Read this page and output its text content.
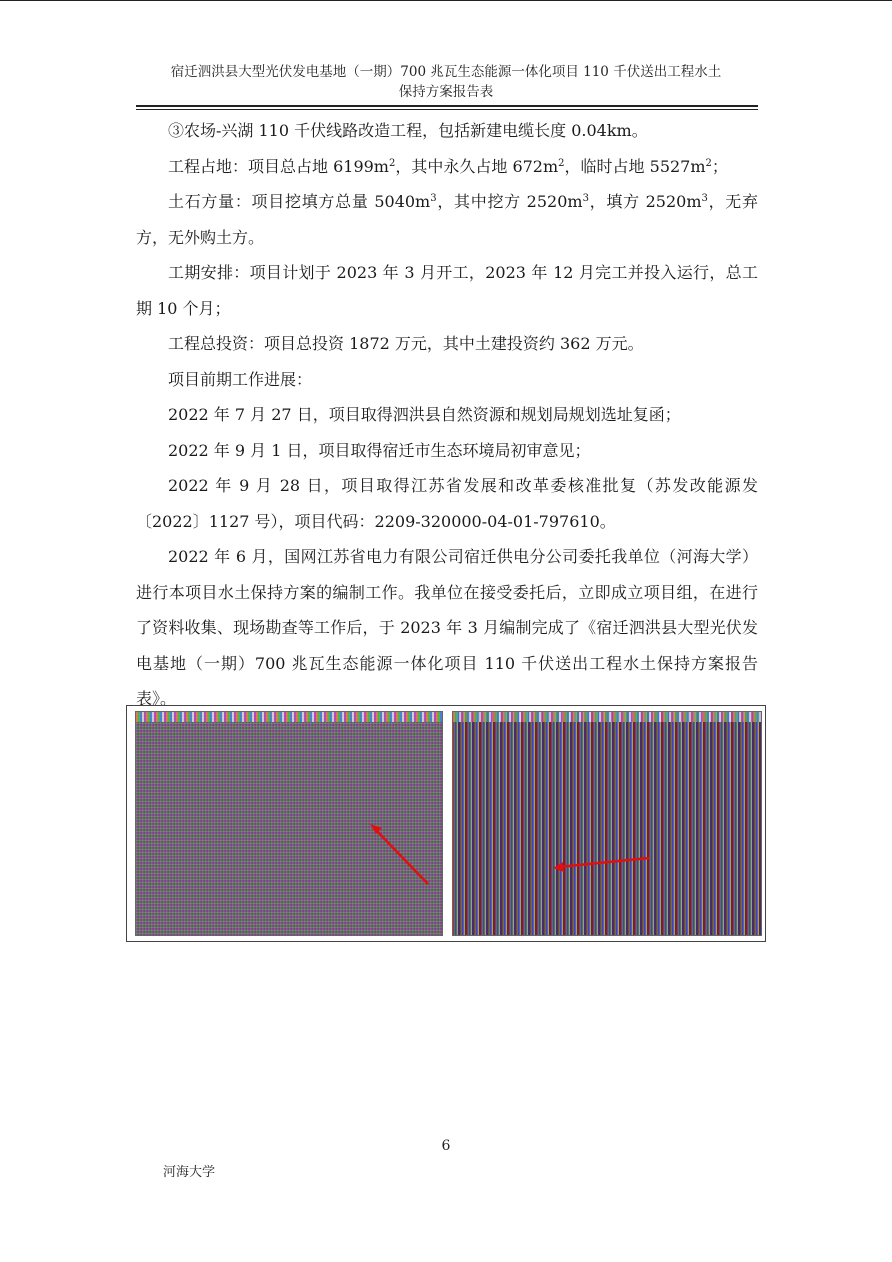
宿迁泗洪县大型光伏发电基地（一期）700 兆瓦生态能源一体化项目 110 千伏送出工程水土
保持方案报告表

③农场-兴湖 110 千伏线路改造工程，包括新建电缆长度 0.04km。

工程占地：项目总占地 $6199m^2$，其中永久占地 $672m^2$，临时占地 $5527m^2$；

土石方量：项目挖填方总量 $5040m^3$，其中挖方 $2520m^3$，填方 $2520m^3$，无弃方，无外购土方。

工期安排：项目计划于 2023 年 3 月开工，2023 年 12 月完工并投入运行，总工期 10 个月；

工程总投资：项目总投资 1872 万元，其中土建投资约 362 万元。

项目前期工作进展：

2022 年 7 月 27 日，项目取得泗洪县自然资源和规划局规划选址复函；

2022 年 9 月 1 日，项目取得宿迁市生态环境局初审意见；

2022 年 9 月 28 日，项目取得江苏省发展和改革委核准批复（苏发改能源发〔2022〕1127 号），项目代码：2209-320000-04-01-797610。

2022 年 6 月，国网江苏省电力有限公司宿迁供电分公司委托我单位（河海大学）进行本项目水土保持方案的编制工作。我单位在接受委托后，立即成立项目组，在进行了资料收集、现场勘查等工作后，于 2023 年 3 月编制完成了《宿迁泗洪县大型光伏发电基地（一期）700 兆瓦生态能源一体化项目 110 千伏送出工程水土保持方案报告表》。

6
河海大学
